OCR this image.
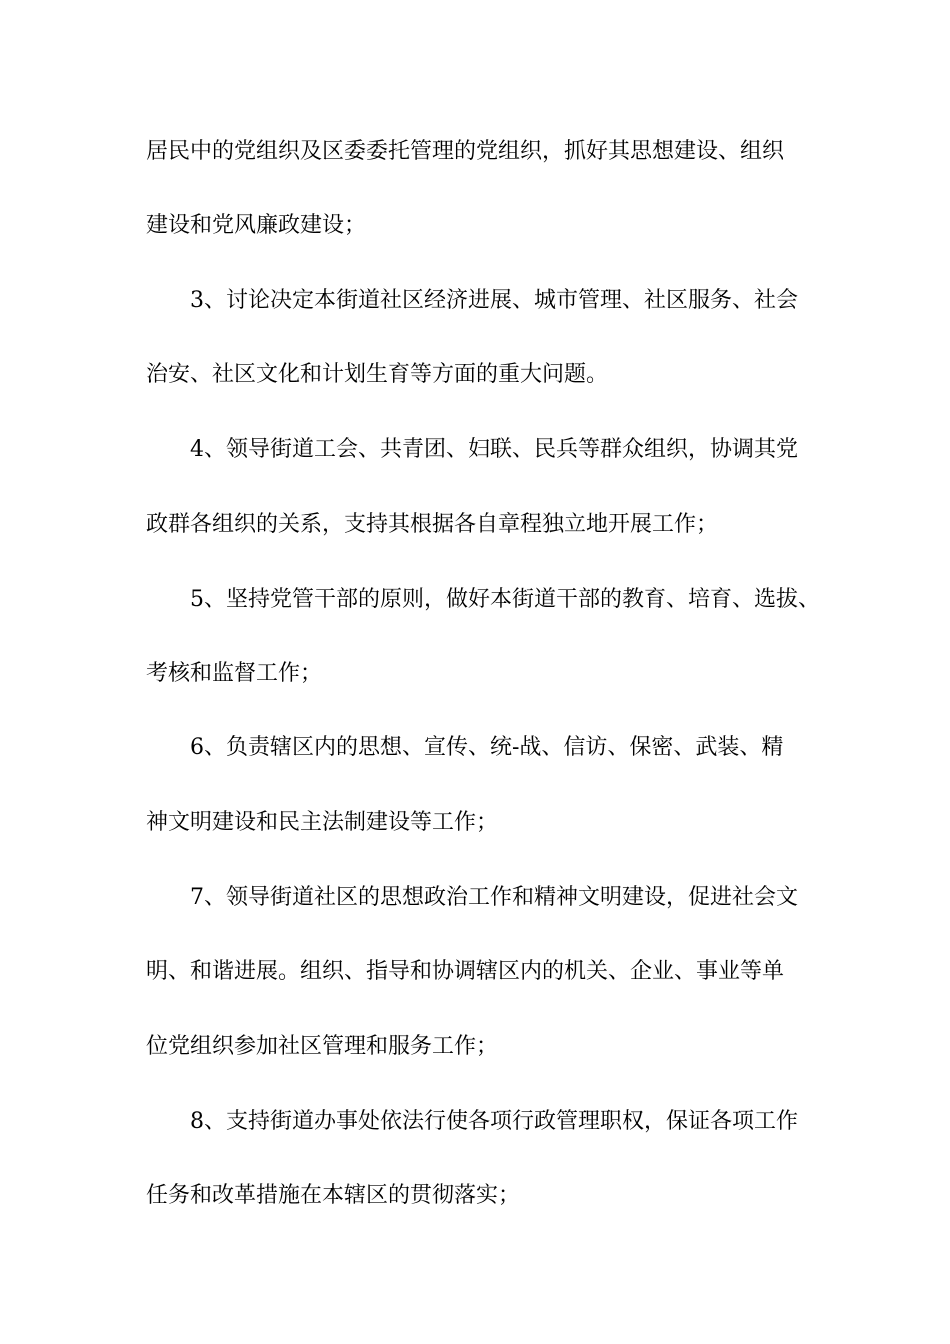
居民中的党组织及区委委托管理的党组织，抓好其思想建设、组织
建设和党风廉政建设；
3、讨论决定本街道社区经济进展、城市管理、社区服务、社会
治安、社区文化和计划生育等方面的重大问题。
4、领导街道工会、共青团、妇联、民兵等群众组织，协调其党
政群各组织的关系，支持其根据各自章程独立地开展工作；
5、坚持党管干部的原则，做好本街道干部的教育、培育、选拔、
考核和监督工作；
6、负责辖区内的思想、宣传、统-战、信访、保密、武装、精
神文明建设和民主法制建设等工作；
7、领导街道社区的思想政治工作和精神文明建设，促进社会文
明、和谐进展。组织、指导和协调辖区内的机关、企业、事业等单
位党组织参加社区管理和服务工作；
8、支持街道办事处依法行使各项行政管理职权，保证各项工作
任务和改革措施在本辖区的贯彻落实；
